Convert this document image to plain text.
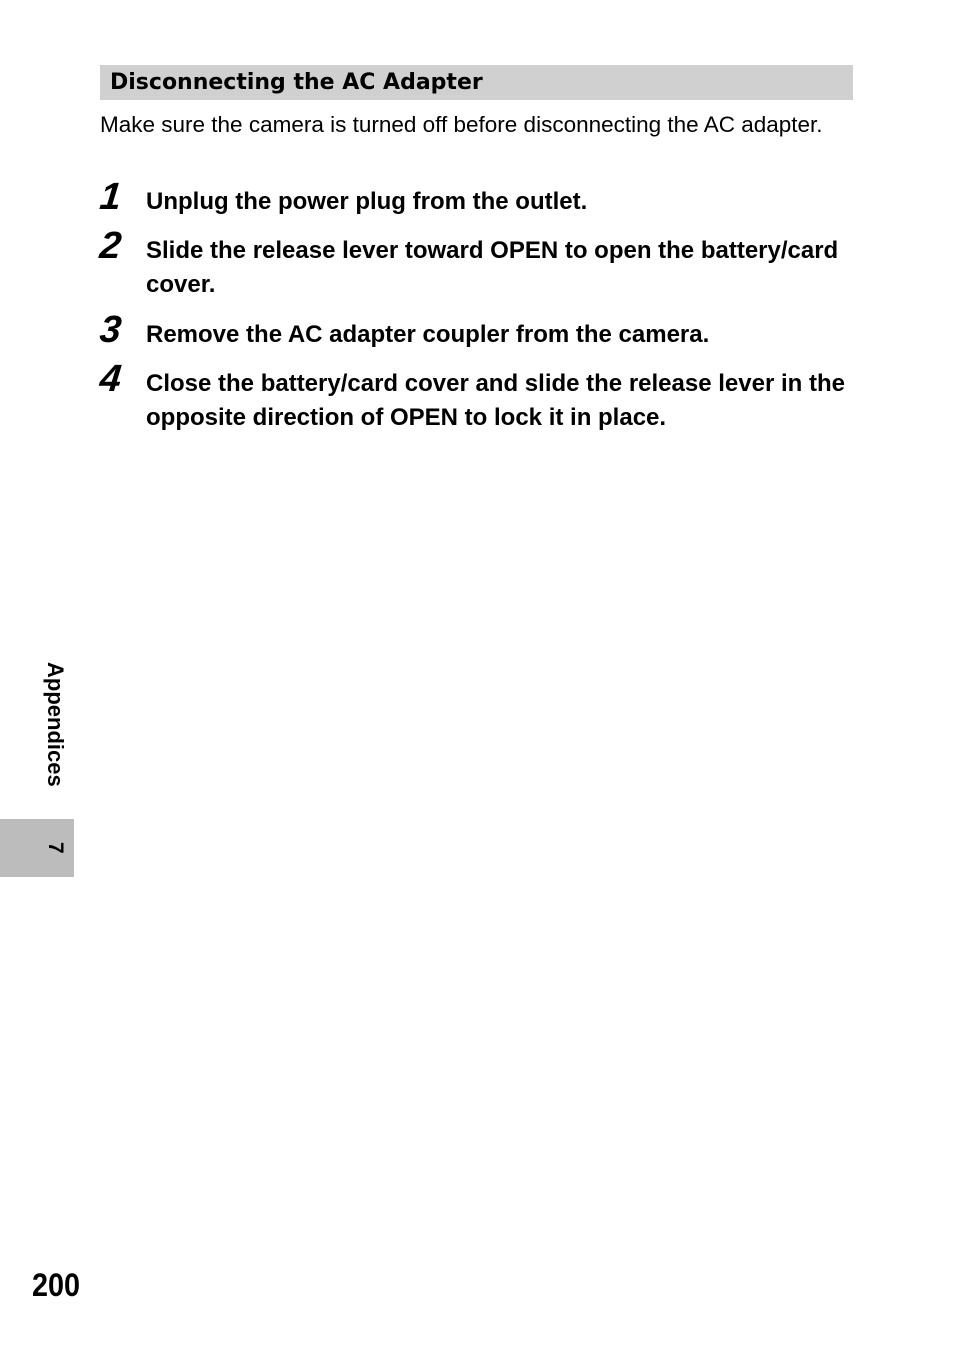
Disconnecting the AC Adapter

Make sure the camera is turned off before disconnecting the AC adapter.

1 Unplug the power plug from the outlet.

2 Slide the release lever toward OPEN to open the battery/card cover.

3 Remove the AC adapter coupler from the camera.

4 Close the battery/card cover and slide the release lever in the opposite direction of OPEN to lock it in place.

Appendices
7
200
